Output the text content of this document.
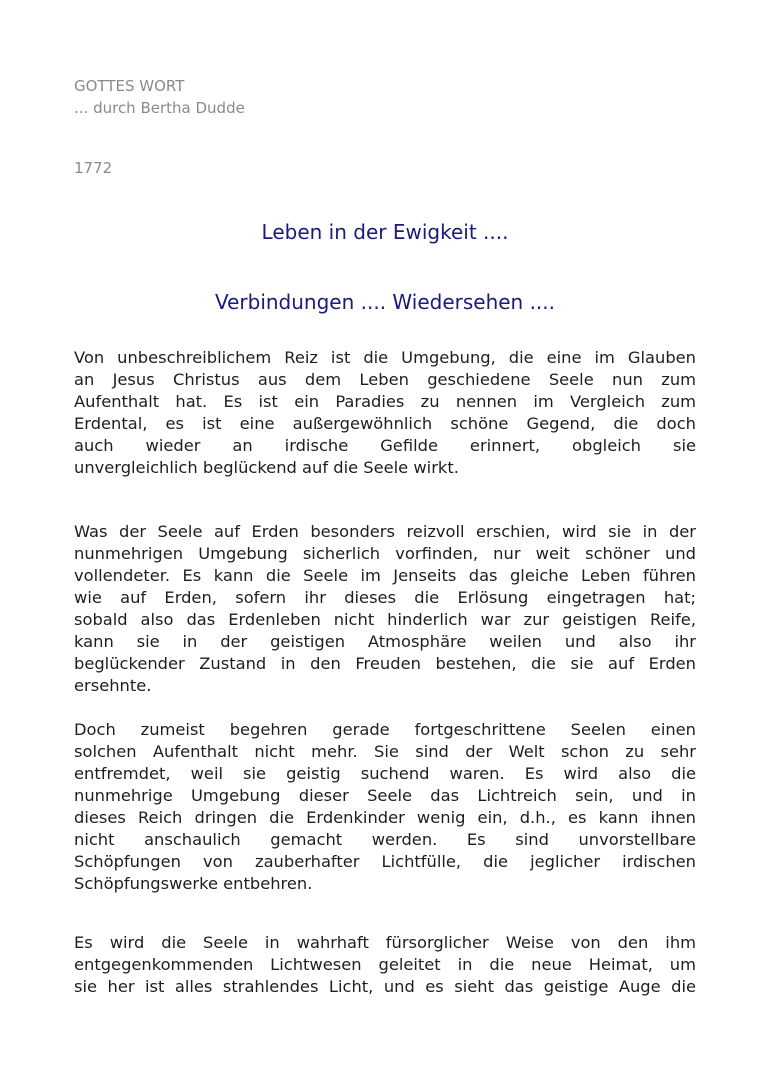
GOTTES WORT
... durch Bertha Dudde
1772
Leben in der Ewigkeit ....
Verbindungen .... Wiedersehen ....
Von unbeschreiblichem Reiz ist die Umgebung, die eine im Glauben
an Jesus Christus aus dem Leben geschiedene Seele nun zum
Aufenthalt hat. Es ist ein Paradies zu nennen im Vergleich zum
Erdental, es ist eine außergewöhnlich schöne Gegend, die doch
auch wieder an irdische Gefilde erinnert, obgleich sie
unvergleichlich beglückend auf die Seele wirkt.
Was der Seele auf Erden besonders reizvoll erschien, wird sie in der
nunmehrigen Umgebung sicherlich vorfinden, nur weit schöner und
vollendeter. Es kann die Seele im Jenseits das gleiche Leben führen
wie auf Erden, sofern ihr dieses die Erlösung eingetragen hat;
sobald also das Erdenleben nicht hinderlich war zur geistigen Reife,
kann sie in der geistigen Atmosphäre weilen und also ihr
beglückender Zustand in den Freuden bestehen, die sie auf Erden
ersehnte.
Doch zumeist begehren gerade fortgeschrittene Seelen einen
solchen Aufenthalt nicht mehr. Sie sind der Welt schon zu sehr
entfremdet, weil sie geistig suchend waren. Es wird also die
nunmehrige Umgebung dieser Seele das Lichtreich sein, und in
dieses Reich dringen die Erdenkinder wenig ein, d.h., es kann ihnen
nicht anschaulich gemacht werden. Es sind unvorstellbare
Schöpfungen von zauberhafter Lichtfülle, die jeglicher irdischen
Schöpfungswerke entbehren.
Es wird die Seele in wahrhaft fürsorglicher Weise von den ihm
entgegenkommenden Lichtwesen geleitet in die neue Heimat, um
sie her ist alles strahlendes Licht, und es sieht das geistige Auge die
